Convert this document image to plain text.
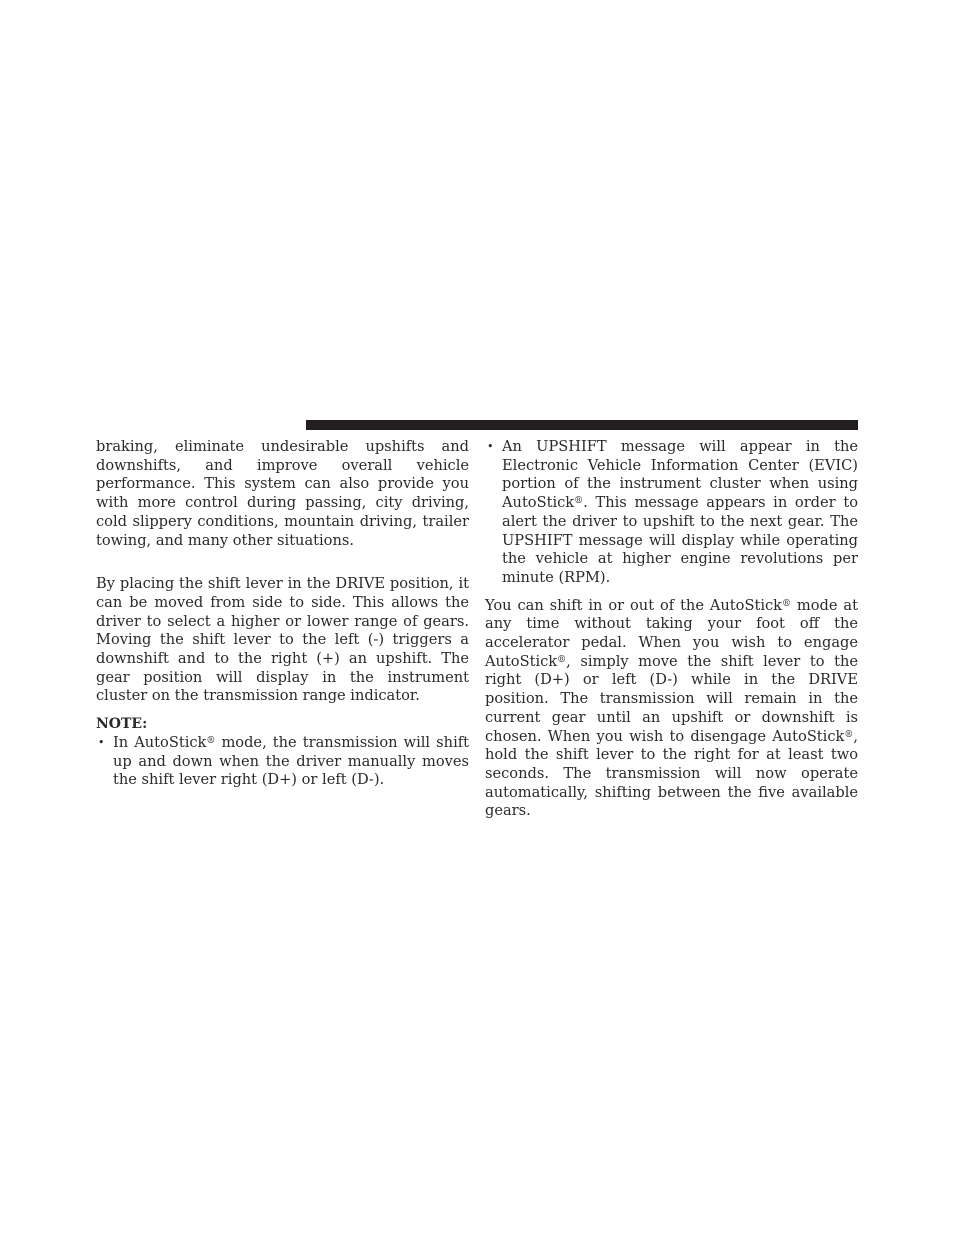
braking, eliminate undesirable upshifts and downshifts, and improve overall vehicle performance. This system can also provide you with more control during passing, city driving, cold slippery conditions, mountain driving, trailer towing, and many other situations.

By placing the shift lever in the DRIVE position, it can be moved from side to side. This allows the driver to select a higher or lower range of gears. Moving the shift lever to the left (-) triggers a downshift and to the right (+) an upshift. The gear position will display in the instrument cluster on the transmission range indicator.

NOTE:

• In AutoStick® mode, the transmission will shift up and down when the driver manually moves the shift lever right (D+) or left (D-).
• An UPSHIFT message will appear in the Electronic Vehicle Information Center (EVIC) portion of the instrument cluster when using AutoStick®. This message appears in order to alert the driver to upshift to the next gear. The UPSHIFT message will display while operating the vehicle at higher engine revolutions per minute (RPM).

You can shift in or out of the AutoStick® mode at any time without taking your foot off the accelerator pedal. When you wish to engage AutoStick®, simply move the shift lever to the right (D+) or left (D-) while in the DRIVE position. The transmission will remain in the current gear until an upshift or downshift is chosen. When you wish to disengage AutoStick®, hold the shift lever to the right for at least two seconds. The transmission will now operate automatically, shifting between the five available gears.
